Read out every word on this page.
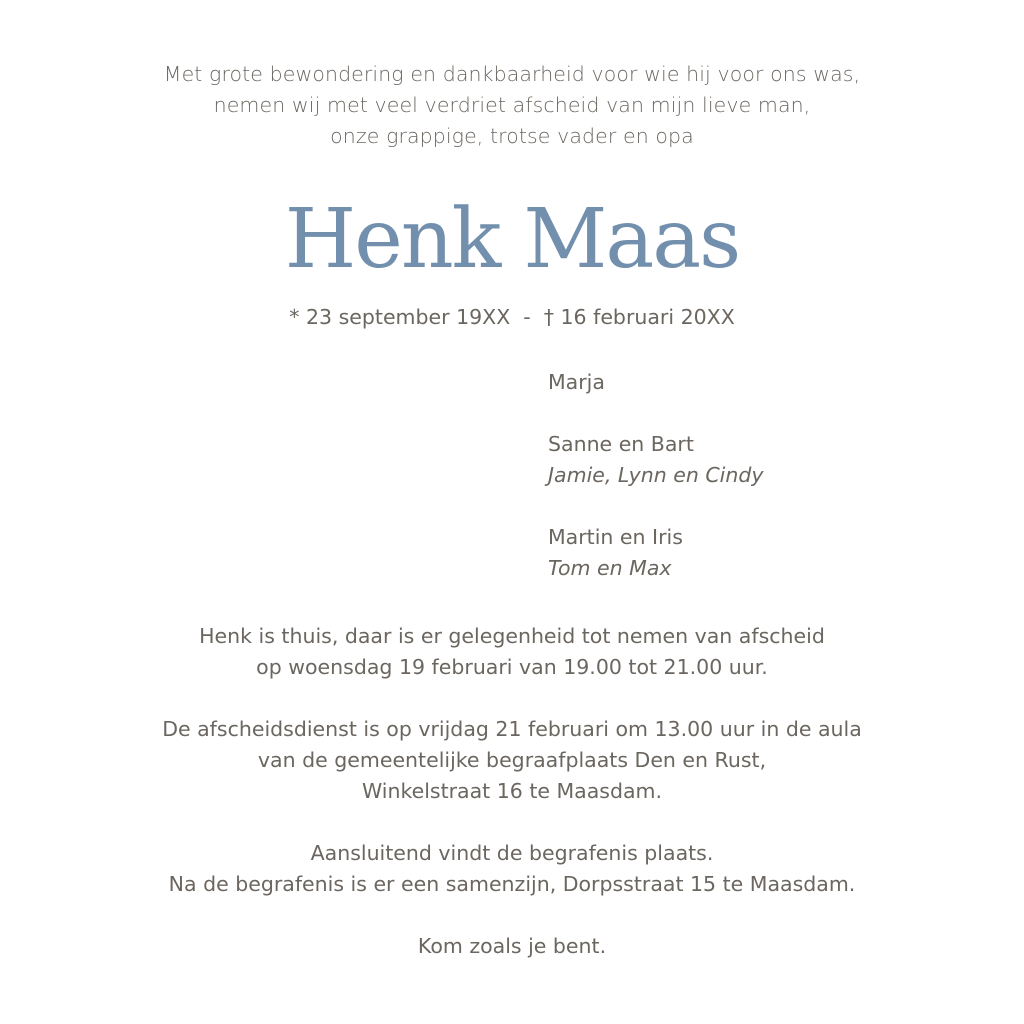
Met grote bewondering en dankbaarheid voor wie hij voor ons was,
nemen wij met veel verdriet afscheid van mijn lieve man,
onze grappige, trotse vader en opa
Henk Maas
* 23 september 19XX  -  † 16 februari 20XX
Marja
Sanne en Bart
Jamie, Lynn en Cindy
Martin en Iris
Tom en Max
Henk is thuis, daar is er gelegenheid tot nemen van afscheid
op woensdag 19 februari van 19.00 tot 21.00 uur.
De afscheidsdienst is op vrijdag 21 februari om 13.00 uur in de aula
van de gemeentelijke begraafplaats Den en Rust,
Winkelstraat 16 te Maasdam.
Aansluitend vindt de begrafenis plaats.
Na de begrafenis is er een samenzijn, Dorpsstraat 15 te Maasdam.
Kom zoals je bent.
